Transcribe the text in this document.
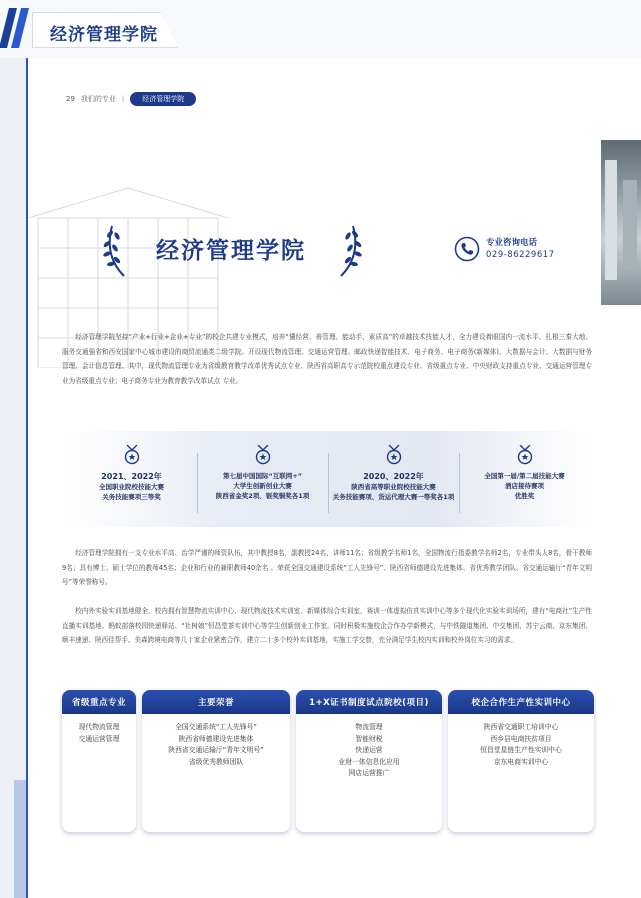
经济管理学院
29 我们的专业 |	经济管理学院
经济管理学院	专业咨询电话
029-86229617

经济管理学院坚持“产业+行业+企业+专业”的校企共建专业模式，培养“懂经营、善管理、能动手、素质高”的卓越技术技能人才，全力建设着眼国内一流水平、扎根三秦大地、服务交通强省和西安国家中心城市建设的商贸流通类二级学院。开设现代物流管理、交通运营管理、邮政快递智能技术、电子商务、电子商务(新媒体)、大数据与会计、大数据与财务管理、会计信息管理、其中，现代物流管理专业为省级教育教学改革优秀试点专业、陕西省高职高专示范院校重点建设专业、省级重点专业、中央财政支持重点专业、交通运营管理专业为省级重点专业；电子商务专业为教育教学改革试点 专业。

2021、2022年
全国职业院校技能大赛
关务技能赛项三等奖
第七届中国国际“互联网+”
大学生创新创业大赛
陕西省金奖2项、银奖铜奖各1项
2020、2022年
陕西省高等职业院校技能大赛
关务技能赛项、货运代理大赛一等奖各1项
全国第一届/第二届技能大赛
酒店接待赛项
优胜奖

经济管理学院拥有一支专业水平高、治学严谨的师资队伍，其中教授8名，副教授24名，讲师11名；省级教学名师1名，全国物流行指委教学名师2名，专业带头人8名，骨干教师9名；具有博士、硕士学位的教师45名；企业和行业的兼职教师40余名 。荣获全国交通建设系统“工人先锋号”、陕西省师德建设先进集体、省优秀教学团队、省交通运输厅“青年文明号”等荣誉称号。

校内外实验实训基地健全，校内拥有智慧物流实训中心、现代物流技术实训室、新媒体综合实训室，赛训一体虚拟仿真实训中心等多个现代化实验实训场所，建有“电商社”生产性直播实训基地、蚂蚁部落校园快递驿站、“社树娘”恒昌堂茶实训中心等学生创新创业工作室。同时积极实施校企合作办学新模式，与中铁隧道集团、中交集团、苏宁云商、京东集团、顺丰速递、陕西佳帮手、美森跨境电商等几十家企业紧密合作，建立二十多个校外实训基地，实施工学交替，充分满足学生校内实训和校外岗位实习的需求。

省级重点专业
现代物流管理
交通运营管理
主要荣誉
全国交通系统“工人先锋号”
陕西省师德建设先进集体
陕西省交通运输厅“青年文明号”
省级优秀教师团队
1+X证书制度试点院校(项目)
物流管理
智能财税
快递运营
业财一体信息化应用
网店运营推广
校企合作生产性实训中心
陕西省交通职工培训中心
西乡县电商扶贫项目
恒昌堂星链生产性实训中心
京东电商实训中心
